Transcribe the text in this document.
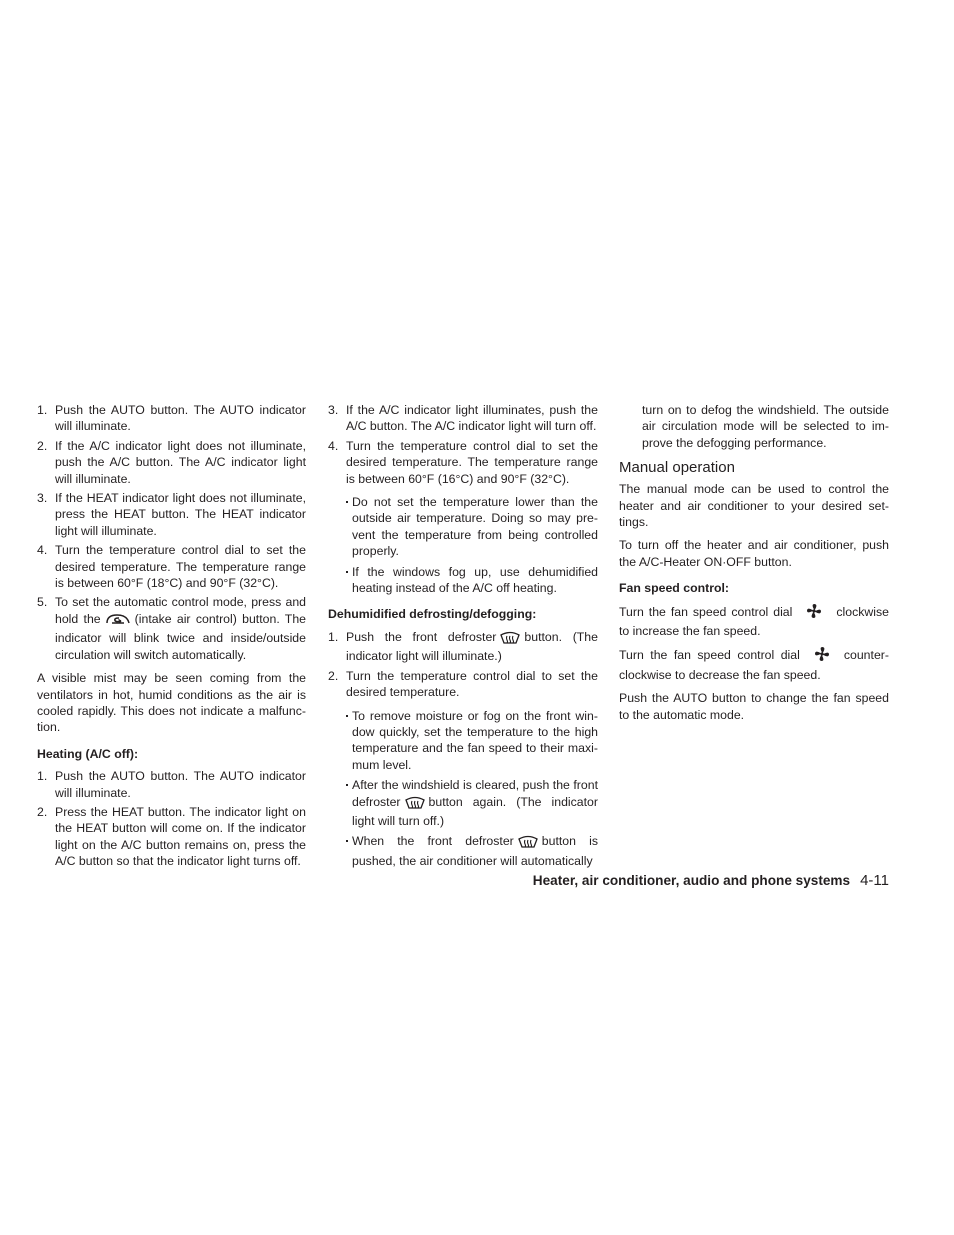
1. Push the AUTO button. The AUTO indicator will illuminate.
2. If the A/C indicator light does not illuminate, push the A/C button. The A/C indicator light will illuminate.
3. If the HEAT indicator light does not illuminate, press the HEAT button. The HEAT indicator light will illuminate.
4. Turn the temperature control dial to set the desired temperature. The temperature range is between 60°F (18°C) and 90°F (32°C).
5. To set the automatic control mode, press and hold the	(intake air control) button. The indicator will blink twice and inside/outside circulation will switch automatically.

A visible mist may be seen coming from the ventilators in hot, humid conditions as the air is cooled rapidly. This does not indicate a malfunction.

Heating (A/C off):
1. Push the AUTO button. The AUTO indicator will illuminate.
2. Press the HEAT button. The indicator light on the HEAT button will come on. If the indicator light on the A/C button remains on, press the A/C button so that the indicator light turns off.
3. If the A/C indicator light illuminates, push the A/C button. The A/C indicator light will turn off.
4. Turn the temperature control dial to set the desired temperature. The temperature range is between 60°F (16°C) and 90°F (32°C).
Do not set the temperature lower than the outside air temperature. Doing so may prevent the temperature from being controlled properly.
If the windows fog up, use dehumidified heating instead of the A/C off heating.
Dehumidified defrosting/defogging:
1. Push the front defroster button. (The indicator light will illuminate.)
2. Turn the temperature control dial to set the desired temperature.
To remove moisture or fog on the front window quickly, set the temperature to the high temperature and the fan speed to their maximum level.
After the windshield is cleared, push the front defroster button again. (The indicator light will turn off.)
When the front defroster button is pushed, the air conditioner will automatically

turn on to defog the windshield. The outside air circulation mode will be selected to improve the defogging performance.

Manual operation

The manual mode can be used to control the heater and air conditioner to your desired settings.

To turn off the heater and air conditioner, push the A/C-Heater ON·OFF button.

Fan speed control:

Turn the fan speed control dial	clockwise to increase the fan speed.

Turn the fan speed control dial	counterclockwise to decrease the fan speed.

Push the AUTO button to change the fan speed to the automatic mode.

Heater, air conditioner, audio and phone systems 4-11
